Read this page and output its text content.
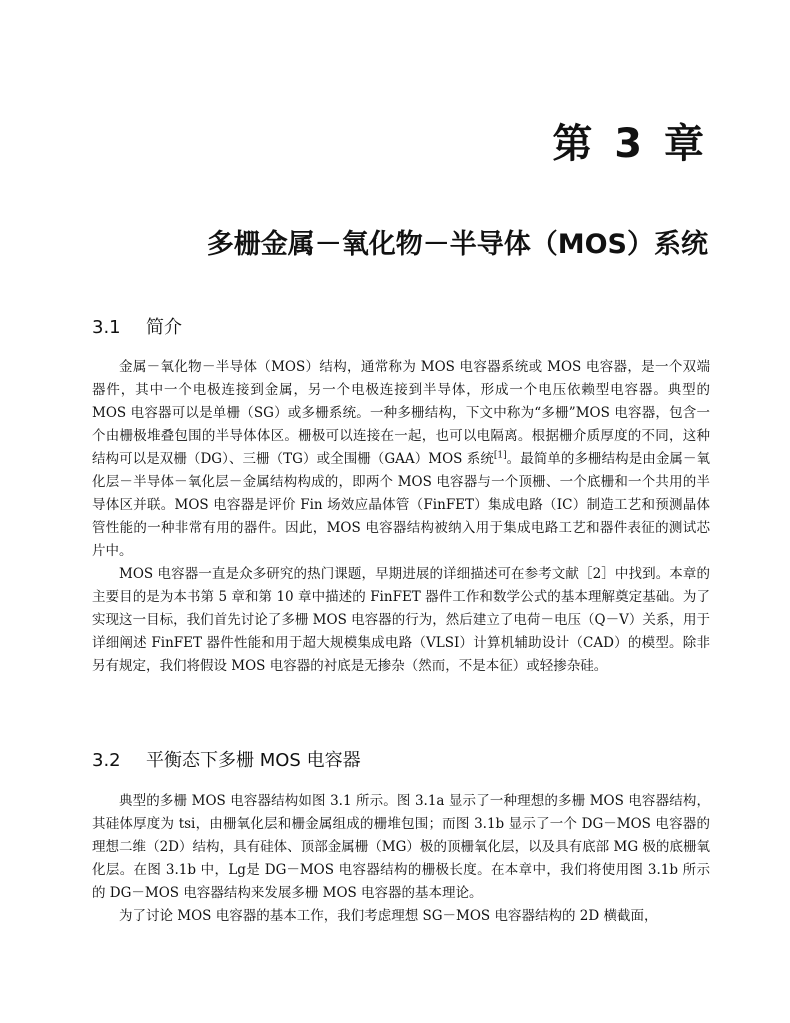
第 3 章
多栅金属－氧化物－半导体（MOS）系统
3.1 简介

金属－氧化物－半导体（MOS）结构，通常称为 MOS 电容器系统或 MOS 电容器，是一个双端器件，其中一个电极连接到金属，另一个电极连接到半导体，形成一个电压依赖型电容器。典型的 MOS 电容器可以是单栅（SG）或多栅系统。一种多栅结构，下文中称为“多栅”MOS 电容器，包含一个由栅极堆叠包围的半导体体区。栅极可以连接在一起，也可以电隔离。根据栅介质厚度的不同，这种结构可以是双栅（DG）、三栅（TG）或全围栅（GAA）MOS 系统[1]。最简单的多栅结构是由金属－氧化层－半导体－氧化层－金属结构构成的，即两个 MOS 电容器与一个顶栅、一个底栅和一个共用的半导体区并联。MOS 电容器是评价 Fin 场效应晶体管（FinFET）集成电路（IC）制造工艺和预测晶体管性能的一种非常有用的器件。因此，MOS 电容器结构被纳入用于集成电路工艺和器件表征的测试芯片中。

MOS 电容器一直是众多研究的热门课题，早期进展的详细描述可在参考文献［2］中找到。本章的主要目的是为本书第 5 章和第 10 章中描述的 FinFET 器件工作和数学公式的基本理解奠定基础。为了实现这一目标，我们首先讨论了多栅 MOS 电容器的行为，然后建立了电荷－电压（Q－V）关系，用于详细阐述 FinFET 器件性能和用于超大规模集成电路（VLSI）计算机辅助设计（CAD）的模型。除非另有规定，我们将假设 MOS 电容器的衬底是无掺杂（然而，不是本征）或轻掺杂硅。

3.2 平衡态下多栅 MOS 电容器

典型的多栅 MOS 电容器结构如图 3.1 所示。图 3.1a 显示了一种理想的多栅 MOS 电容器结构，其硅体厚度为 tsi，由栅氧化层和栅金属组成的栅堆包围；而图 3.1b 显示了一个 DG－MOS 电容器的理想二维（2D）结构，具有硅体、顶部金属栅（MG）极的顶栅氧化层，以及具有底部 MG 极的底栅氧化层。在图 3.1b 中，Lg是 DG－MOS 电容器结构的栅极长度。在本章中，我们将使用图 3.1b 所示的 DG－MOS 电容器结构来发展多栅 MOS 电容器的基本理论。

为了讨论 MOS 电容器的基本工作，我们考虑理想 SG－MOS 电容器结构的 2D 横截面，
